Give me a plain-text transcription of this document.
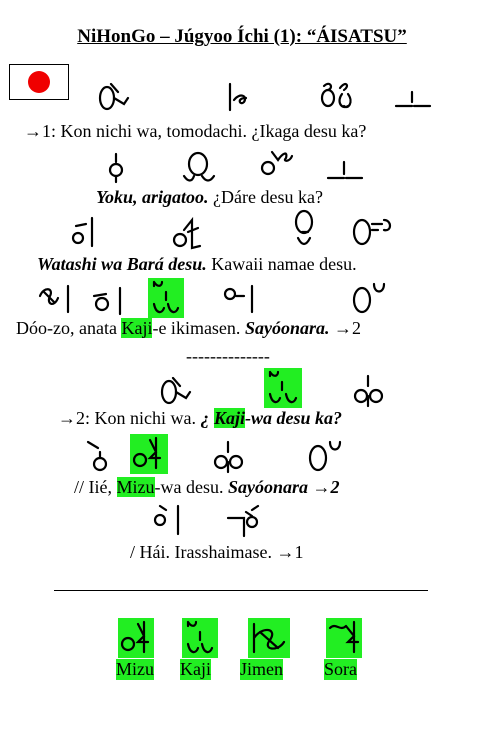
NiHonGo – Júgyoo Íchi (1): “ÁISATSU”
→1: Kon nichi wa, tomodachi. ¿Ikaga desu ka?
Yoku, arigatoo. ¿Dáre desu ka?
Watashi wa Bará desu. Kawaii namae desu.
Dóo-zo, anata Kaji-e ikimasen. Sayóonara. →2
--------------
→2: Kon nichi wa. ¿ Kaji-wa desu ka?
// Iié, Mizu-wa desu. Sayóonara →2
/ Hái. Irasshaimase. →1
Mizu Kaji Jimen Sora
